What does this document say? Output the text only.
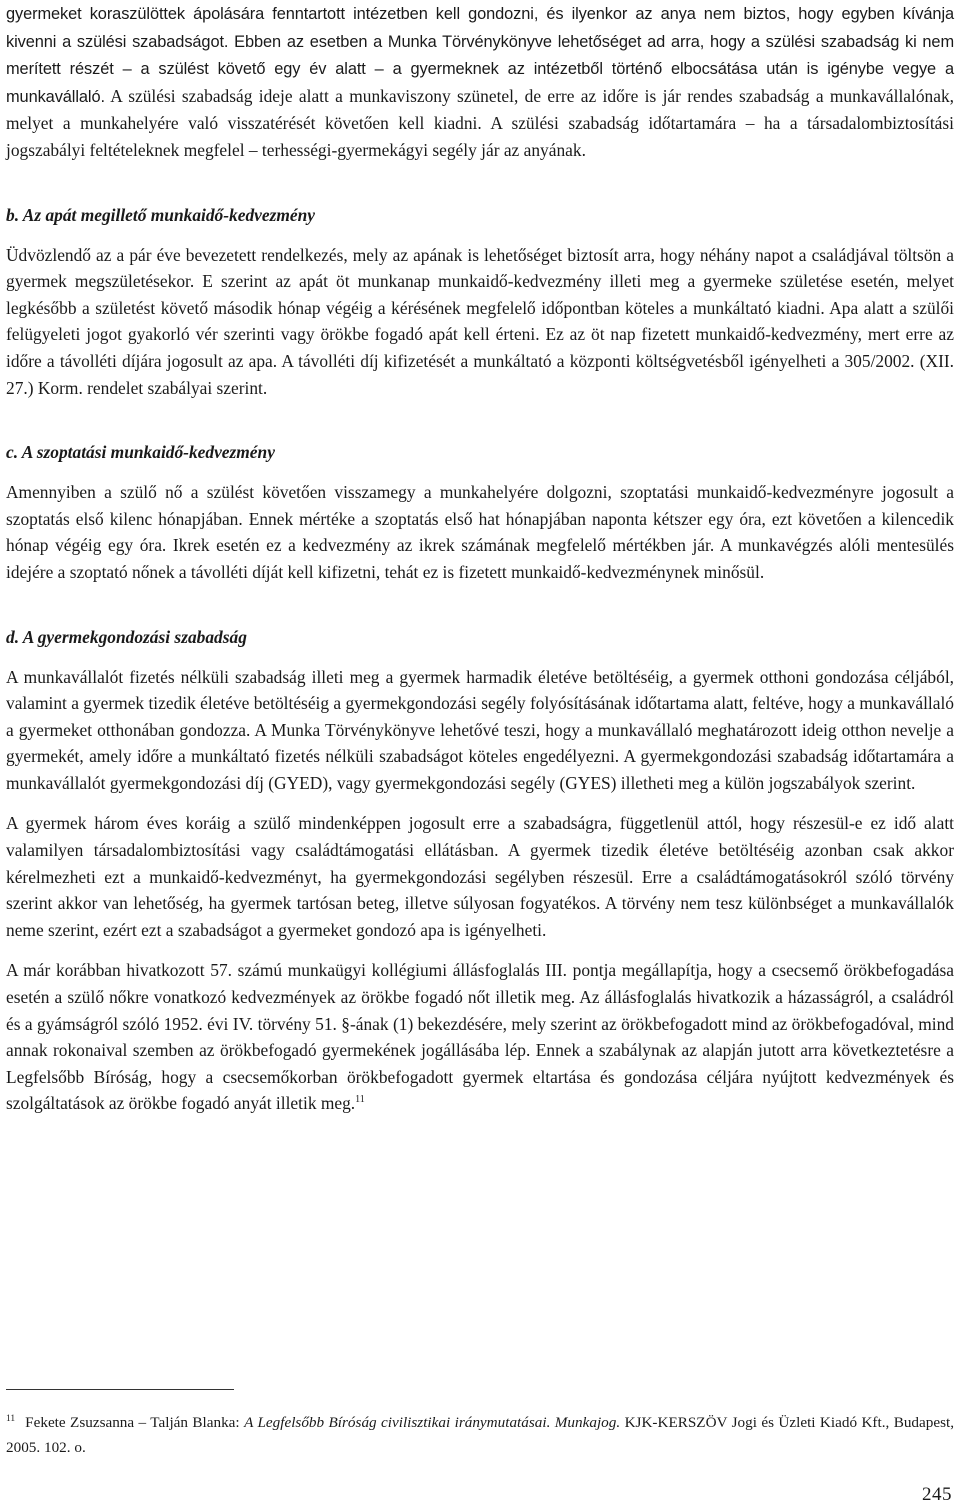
gyermeket koraszülöttek ápolására fenntartott intézetben kell gondozni, és ilyenkor az anya nem biztos, hogy egyben kívánja kivenni a szülési szabadságot. Ebben az esetben a Munka Törvénykönyve lehetőséget ad arra, hogy a szülési szabadság ki nem merített részét – a szülést követő egy év alatt – a gyermeknek az intézetből történő elbocsátása után is igénybe vegye a munkavállaló. A szülési szabadság ideje alatt a munkaviszony szünetel, de erre az időre is jár rendes szabadság a munkavállalónak, melyet a munkahelyére való visszatérését követően kell kiadni. A szülési szabadság időtartamára – ha a társadalombiztosítási jogszabályi feltételeknek megfelel – terhességi-gyermekágyi segély jár az anyának.

b. Az apát megillető munkaidő-kedvezmény

Üdvözlendő az a pár éve bevezetett rendelkezés, mely az apának is lehetőséget biztosít arra, hogy néhány napot a családjával töltsön a gyermek megszületésekor. E szerint az apát öt munkanap munkaidő-kedvezmény illeti meg a gyermeke születése esetén, melyet legkésőbb a születést követő második hónap végéig a kérésének megfelelő időpontban köteles a munkáltató kiadni. Apa alatt a szülői felügyeleti jogot gyakorló vér szerinti vagy örökbe fogadó apát kell érteni. Ez az öt nap fizetett munkaidő-kedvezmény, mert erre az időre a távolléti díjára jogosult az apa. A távolléti díj kifizetését a munkáltató a központi költségvetésből igényelheti a 305/2002. (XII. 27.) Korm. rendelet szabályai szerint.

c. A szoptatási munkaidő-kedvezmény

Amennyiben a szülő nő a szülést követően visszamegy a munkahelyére dolgozni, szoptatási munkaidő-kedvezményre jogosult a szoptatás első kilenc hónapjában. Ennek mértéke a szoptatás első hat hónapjában naponta kétszer egy óra, ezt követően a kilencedik hónap végéig egy óra. Ikrek esetén ez a kedvezmény az ikrek számának megfelelő mértékben jár. A munkavégzés alóli mentesülés idejére a szoptató nőnek a távolléti díját kell kifizetni, tehát ez is fizetett munkaidő-kedvezménynek minősül.

d. A gyermekgondozási szabadság

A munkavállalót fizetés nélküli szabadság illeti meg a gyermek harmadik életéve betöltéséig, a gyermek otthoni gondozása céljából, valamint a gyermek tizedik életéve betöltéséig a gyermekgondozási segély folyósításának időtartama alatt, feltéve, hogy a munkavállaló a gyermeket otthonában gondozza. A Munka Törvénykönyve lehetővé teszi, hogy a munkavállaló meghatározott ideig otthon nevelje a gyermekét, amely időre a munkáltató fizetés nélküli szabadságot köteles engedélyezni. A gyermekgondozási szabadság időtartamára a munkavállalót gyermekgondozási díj (GYED), vagy gyermekgondozási segély (GYES) illetheti meg a külön jogszabályok szerint.

A gyermek három éves koráig a szülő mindenképpen jogosult erre a szabadságra, függetlenül attól, hogy részesül-e ez idő alatt valamilyen társadalombiztosítási vagy családtámogatási ellátásban. A gyermek tizedik életéve betöltéséig azonban csak akkor kérelmezheti ezt a munkaidő-kedvezményt, ha gyermekgondozási segélyben részesül. Erre a családtámogatásokról szóló törvény szerint akkor van lehetőség, ha gyermek tartósan beteg, illetve súlyosan fogyatékos. A törvény nem tesz különbséget a munkavállalók neme szerint, ezért ezt a szabadságot a gyermeket gondozó apa is igényelheti.

A már korábban hivatkozott 57. számú munkaügyi kollégiumi állásfoglalás III. pontja megállapítja, hogy a csecsemő örökbefogadása esetén a szülő nőkre vonatkozó kedvezmények az örökbe fogadó nőt illetik meg. Az állásfoglalás hivatkozik a házasságról, a családról és a gyámságról szóló 1952. évi IV. törvény 51. §-ának (1) bekezdésére, mely szerint az örökbefogadott mind az örökbefogadóval, mind annak rokonaival szemben az örökbefogadó gyermekének jogállásába lép. Ennek a szabálynak az alapján jutott arra következtetésre a Legfelsőbb Bíróság, hogy a csecsemőkorban örökbefogadott gyermek eltartása és gondozása céljára nyújtott kedvezmények és szolgáltatások az örökbe fogadó anyát illetik meg.$^{11}$

$^{11}$ Fekete Zsuzsanna – Talján Blanka: A Legfelsőbb Bíróság civilisztikai iránymutatásai. Munkajog. KJK-KERSZÖV Jogi és Üzleti Kiadó Kft., Budapest, 2005. 102. o.

245
